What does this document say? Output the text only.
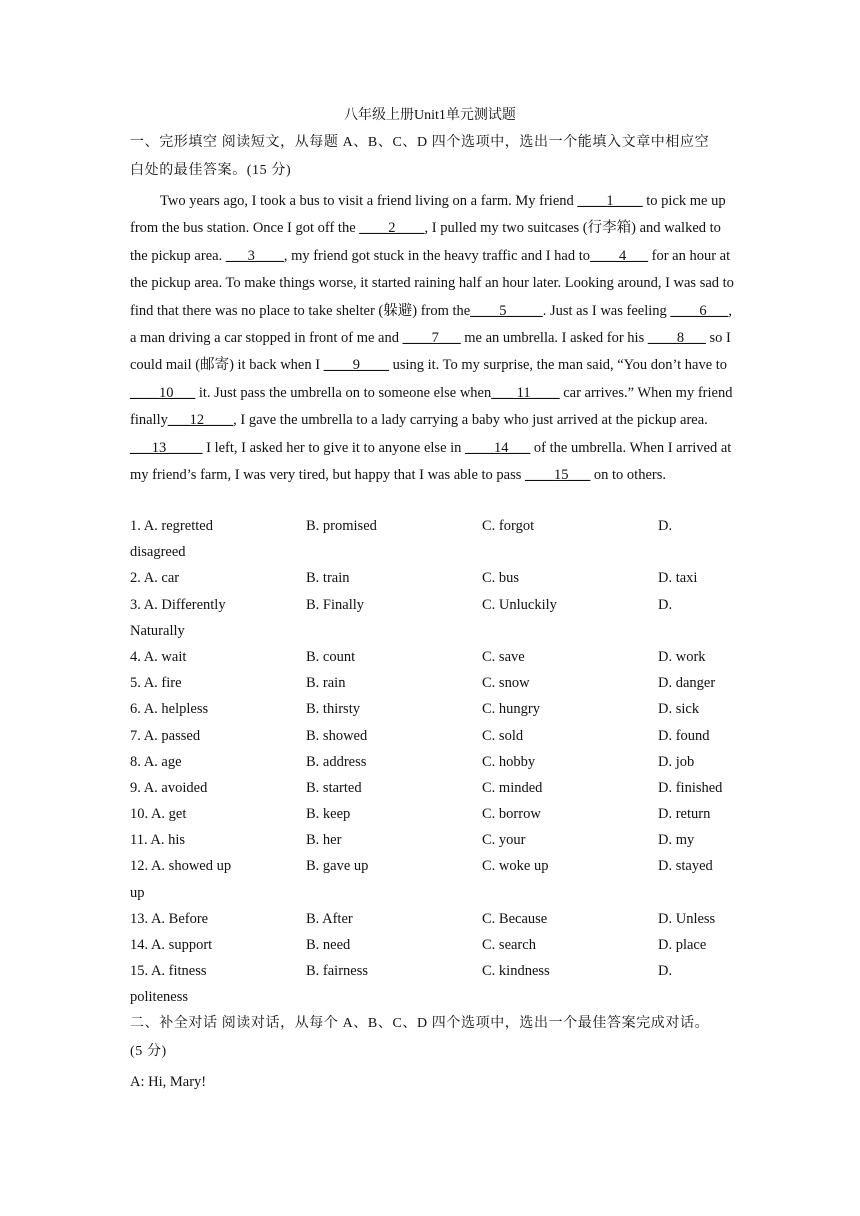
八年级上册Unit1单元测试题
一、完形填空 阅读短文，从每题 A、B、C、D 四个选项中，选出一个能填入文章中相应空
白处的最佳答案。(15 分)
Two years ago, I took a bus to visit a friend living on a farm. My friend ____1____ to pick me up from the bus station. Once I got off the ____2____, I pulled my two suitcases (行李箱) and walked to the pickup area. ___3____, my friend got stuck in the heavy traffic and I had to____4___ for an hour at the pickup area. To make things worse, it started raining half an hour later. Looking around, I was sad to find that there was no place to take shelter (躲避) from the____5_____. Just as I was feeling ____6___, a man driving a car stopped in front of me and ____7___ me an umbrella. I asked for his ____8___ so I could mail (邮寄) it back when I ____9____ using it. To my surprise, the man said, “You don’t have to ____10___ it. Just pass the umbrella on to someone else when___ 11____ car arrives.” When my friend finally___12____, I gave the umbrella to a lady carrying a baby who just arrived at the pickup area. ___13_____ I left, I asked her to give it to anyone else in ____14___ of the umbrella. When I arrived at my friend’s farm, I was very tired, but happy that I was able to pass ____15___ on to others.
1. A. regretted	B. promised	C. forgot	D.
disagreed
2. A. car	B. train	C. bus	D. taxi
3. A. Differently	B. Finally	C. Unluckily	D.
Naturally
4. A. wait	B. count	C. save	D. work
5. A. fire	B. rain	C. snow	D. danger
6. A. helpless	B. thirsty	C. hungry	D. sick
7. A. passed	B. showed	C. sold	D. found
8. A. age	B. address	C. hobby	D. job
9. A. avoided	B. started	C. minded	D. finished
10. A. get	B. keep	C. borrow	D. return
11. A. his	B. her	C. your	D. my
12. A. showed up	B. gave up	C. woke up	D. stayed
up
13. A. Before	B. After	C. Because	D. Unless
14. A. support	B. need	C. search	D. place
15. A. fitness	B. fairness	C. kindness	D.
politeness
二、补全对话 阅读对话，从每个 A、B、C、D 四个选项中，选出一个最佳答案完成对话。
(5 分)
A: Hi, Mary!
